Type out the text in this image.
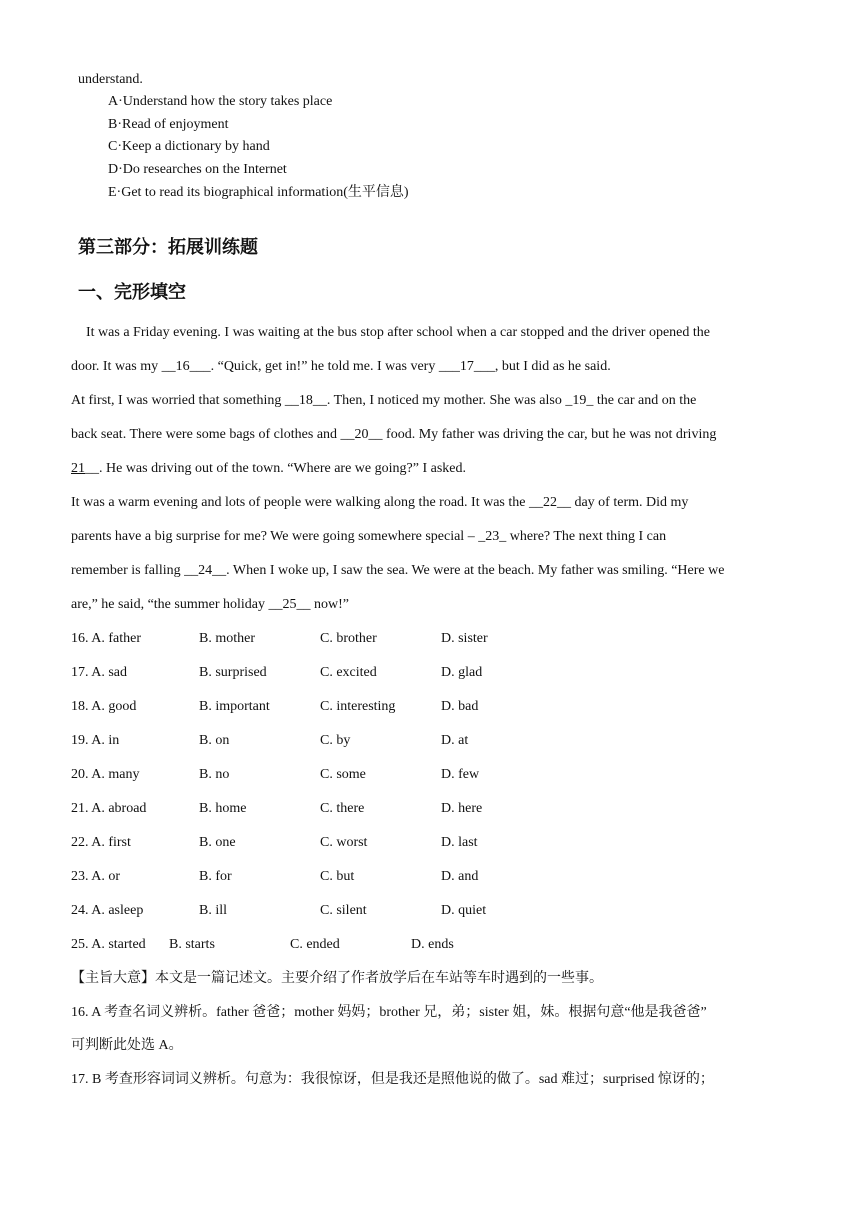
understand.
A·Understand how the story takes place
B·Read of enjoyment
C·Keep a dictionary by hand
D·Do researches on the Internet
E·Get to read its biographical information(生平信息)
第三部分：拓展训练题
一、完形填空
It was a Friday evening. I was waiting at the bus stop after school when a car stopped and the driver opened the
door. It was my __16___. “Quick, get in!” he told me. I was very ___17___, but I did as he said.
At first, I was worried that something __18__. Then, I noticed my mother. She was also _19_ the car and on the
back seat. There were some bags of clothes and __20__ food. My father was driving the car, but he was not driving
21__. He was driving out of the town. “Where are we going?” I asked.
It was a warm evening and lots of people were walking along the road. It was the __22__ day of term. Did my
parents have a big surprise for me? We were going somewhere special – _23_ where? The next thing I can
remember is falling __24__. When I woke up, I saw the sea. We were at the beach. My father was smiling. “Here we
are,” he said, “the summer holiday __25__ now!”
16. A. father	B. mother	C. brother	D. sister
17. A. sad	B. surprised	C. excited	D. glad
18. A. good	B. important	C. interesting	D. bad
19. A. in	B. on	C. by	D. at
20. A. many	B. no	C. some	D. few
21. A. abroad	B. home	C. there	D. here
22. A. first	B. one	C. worst	D. last
23. A. or	B. for	C. but	D. and
24. A. asleep	B. ill	C. silent	D. quiet
25. A. started B. starts	C. ended	D. ends
【主旨大意】本文是一篇记述文。主要介绍了作者放学后在车站等车时遇到的一些事。
16. A 考查名词义辨析。father 爸爸；mother 妈妈；brother 兄，弟；sister 姐，妹。根据句意“他是我爸爸”
可判断此处选 A。
17. B 考查形容词词义辨析。句意为：我很惊讶，但是我还是照他说的做了。sad 难过；surprised 惊讶的；
